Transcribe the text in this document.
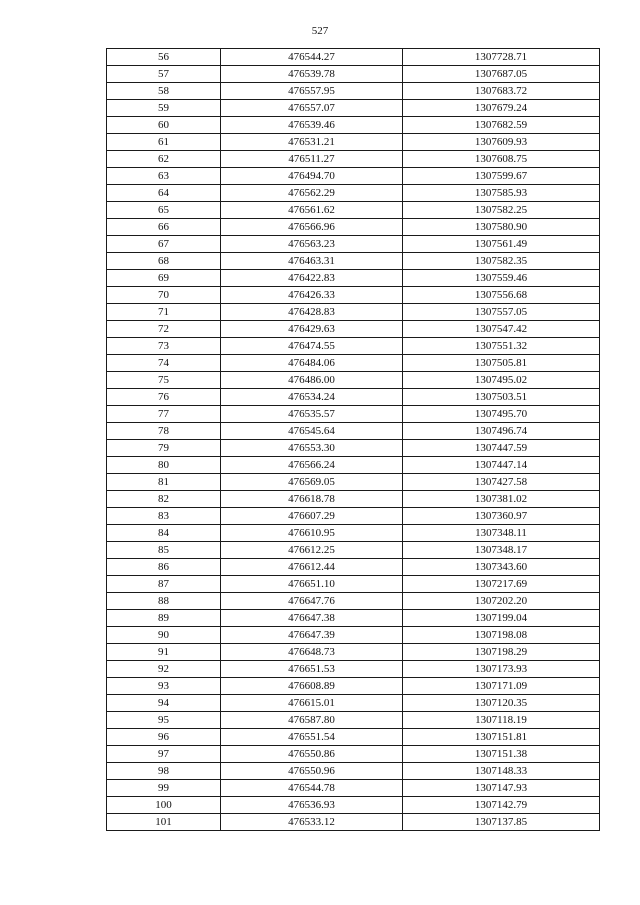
527
56	476544.27	1307728.71
57	476539.78	1307687.05
58	476557.95	1307683.72
59	476557.07	1307679.24
60	476539.46	1307682.59
61	476531.21	1307609.93
62	476511.27	1307608.75
63	476494.70	1307599.67
64	476562.29	1307585.93
65	476561.62	1307582.25
66	476566.96	1307580.90
67	476563.23	1307561.49
68	476463.31	1307582.35
69	476422.83	1307559.46
70	476426.33	1307556.68
71	476428.83	1307557.05
72	476429.63	1307547.42
73	476474.55	1307551.32
74	476484.06	1307505.81
75	476486.00	1307495.02
76	476534.24	1307503.51
77	476535.57	1307495.70
78	476545.64	1307496.74
79	476553.30	1307447.59
80	476566.24	1307447.14
81	476569.05	1307427.58
82	476618.78	1307381.02
83	476607.29	1307360.97
84	476610.95	1307348.11
85	476612.25	1307348.17
86	476612.44	1307343.60
87	476651.10	1307217.69
88	476647.76	1307202.20
89	476647.38	1307199.04
90	476647.39	1307198.08
91	476648.73	1307198.29
92	476651.53	1307173.93
93	476608.89	1307171.09
94	476615.01	1307120.35
95	476587.80	1307118.19
96	476551.54	1307151.81
97	476550.86	1307151.38
98	476550.96	1307148.33
99	476544.78	1307147.93
100	476536.93	1307142.79
101	476533.12	1307137.85
